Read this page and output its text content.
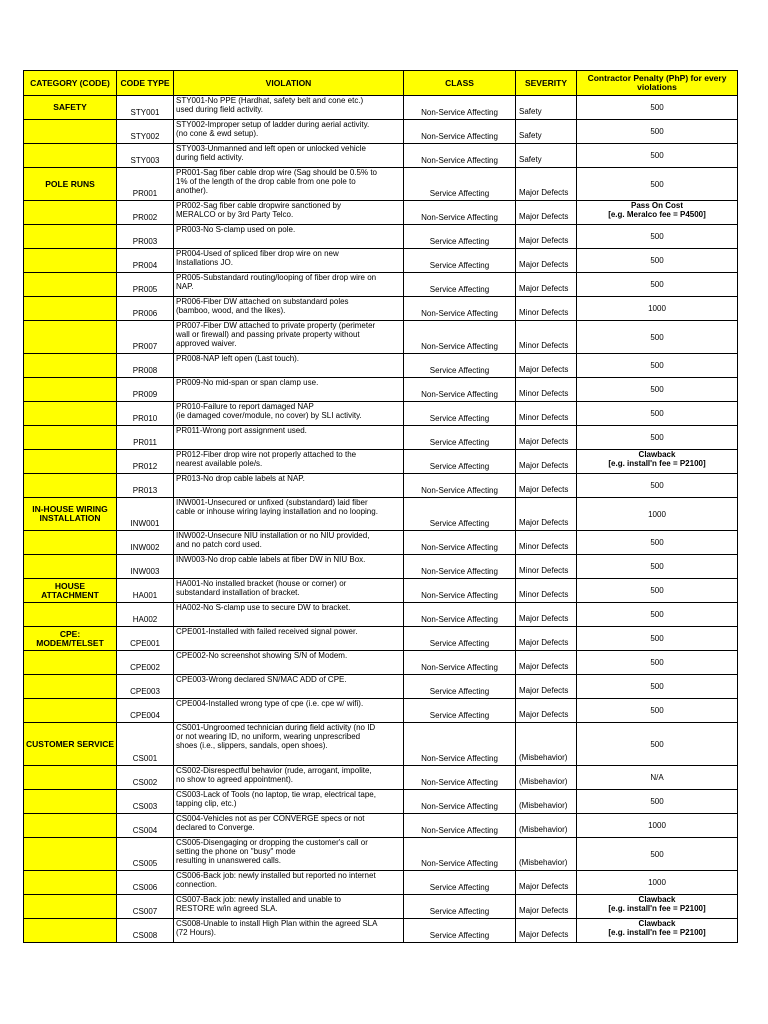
CATEGORY (CODE)	CODE TYPE	VIOLATION	CLASS	SEVERITY	Contractor Penalty (PhP) for every violations
SAFETY	STY001	STY001-No PPE (Hardhat, safety belt and cone etc.)
used during field activity.	Non-Service Affecting	Safety	500
	STY002	STY002-Improper setup of ladder during aerial activity.
(no cone & ewd setup).	Non-Service Affecting	Safety	500
	STY003	STY003-Unmanned and left open or unlocked vehicle
during field activity.	Non-Service Affecting	Safety	500
POLE RUNS	PR001	PR001-Sag fiber cable drop wire (Sag should be 0.5% to
1% of the length of the drop cable from one pole to
another).	Service Affecting	Major Defects	500
	PR002	PR002-Sag fiber cable dropwire sanctioned by
MERALCO or by 3rd Party Telco.	Non-Service Affecting	Major Defects	Pass On Cost
[e.g. Meralco fee = P4500]
	PR003	PR003-No S-clamp used on pole.	Service Affecting	Major Defects	500
	PR004	PR004-Used of spliced fiber drop wire on new
Installations JO.	Service Affecting	Major Defects	500
	PR005	PR005-Substandard routing/looping of fiber drop wire on
NAP.	Service Affecting	Major Defects	500
	PR006	PR006-Fiber DW attached on substandard poles
(bamboo, wood, and the likes).	Non-Service Affecting	Minor Defects	1000
	PR007	PR007-Fiber DW attached to private property (perimeter
wall or firewall) and passing private property without
approved waiver.	Non-Service Affecting	Minor Defects	500
	PR008	PR008-NAP left open (Last touch).	Service Affecting	Major Defects	500
	PR009	PR009-No mid-span or span clamp use.	Non-Service Affecting	Minor Defects	500
	PR010	PR010-Failure to report damaged NAP
(ie damaged cover/module, no cover) by SLI activity.	Service Affecting	Minor Defects	500
	PR011	PR011-Wrong port assignment used.	Service Affecting	Major Defects	500
	PR012	PR012-Fiber drop wire not properly attached to the
nearest available pole/s.	Service Affecting	Major Defects	Clawback
[e.g. install'n fee = P2100]
	PR013	PR013-No drop cable labels at NAP.	Non-Service Affecting	Major Defects	500
IN-HOUSE WIRING INSTALLATION	INW001	INW001-Unsecured or unfixed (substandard) laid fiber
cable or inhouse wiring laying installation and no looping.	Service Affecting	Major Defects	1000
	INW002	INW002-Unsecure NIU installation or no NIU provided,
and no patch cord used.	Non-Service Affecting	Minor Defects	500
	INW003	INW003-No drop cable labels at fiber DW in NIU Box.	Non-Service Affecting	Minor Defects	500
HOUSE ATTACHMENT	HA001	HA001-No installed bracket (house or corner) or
substandard installation of bracket.	Non-Service Affecting	Minor Defects	500
	HA002	HA002-No S-clamp use to secure DW to bracket.	Non-Service Affecting	Major Defects	500
CPE: MODEM/TELSET	CPE001	CPE001-Installed with failed received signal power.	Service Affecting	Major Defects	500
	CPE002	CPE002-No screenshot showing S/N of Modem.	Non-Service Affecting	Major Defects	500
	CPE003	CPE003-Wrong declared SN/MAC ADD of CPE.	Service Affecting	Major Defects	500
	CPE004	CPE004-Installed wrong type of cpe (i.e. cpe w/ wifi).	Service Affecting	Major Defects	500
CUSTOMER SERVICE	CS001	CS001-Ungroomed technician during field activity (no ID
or not wearing ID, no uniform, wearing unprescribed
shoes (i.e., slippers, sandals, open shoes).	Non-Service Affecting	(Misbehavior)	500
	CS002	CS002-Disrespectful behavior (rude, arrogant, impolite,
no show to agreed appointment).	Non-Service Affecting	(Misbehavior)	N/A
	CS003	CS003-Lack of Tools (no laptop, tie wrap, electrical tape,
tapping clip, etc.)	Non-Service Affecting	(Misbehavior)	500
	CS004	CS004-Vehicles not as per CONVERGE specs or not
declared to Converge.	Non-Service Affecting	(Misbehavior)	1000
	CS005	CS005-Disengaging or dropping the customer's call or
setting the phone on "busy" mode
resulting in unanswered calls.	Non-Service Affecting	(Misbehavior)	500
	CS006	CS006-Back job: newly installed but reported no internet
connection.	Service Affecting	Major Defects	1000
	CS007	CS007-Back job: newly installed and unable to
RESTORE w/in agreed SLA.	Service Affecting	Major Defects	Clawback
[e.g. install'n fee = P2100]
	CS008	CS008-Unable to install High Plan within the agreed SLA
(72 Hours).	Service Affecting	Major Defects	Clawback
[e.g. install'n fee = P2100]
